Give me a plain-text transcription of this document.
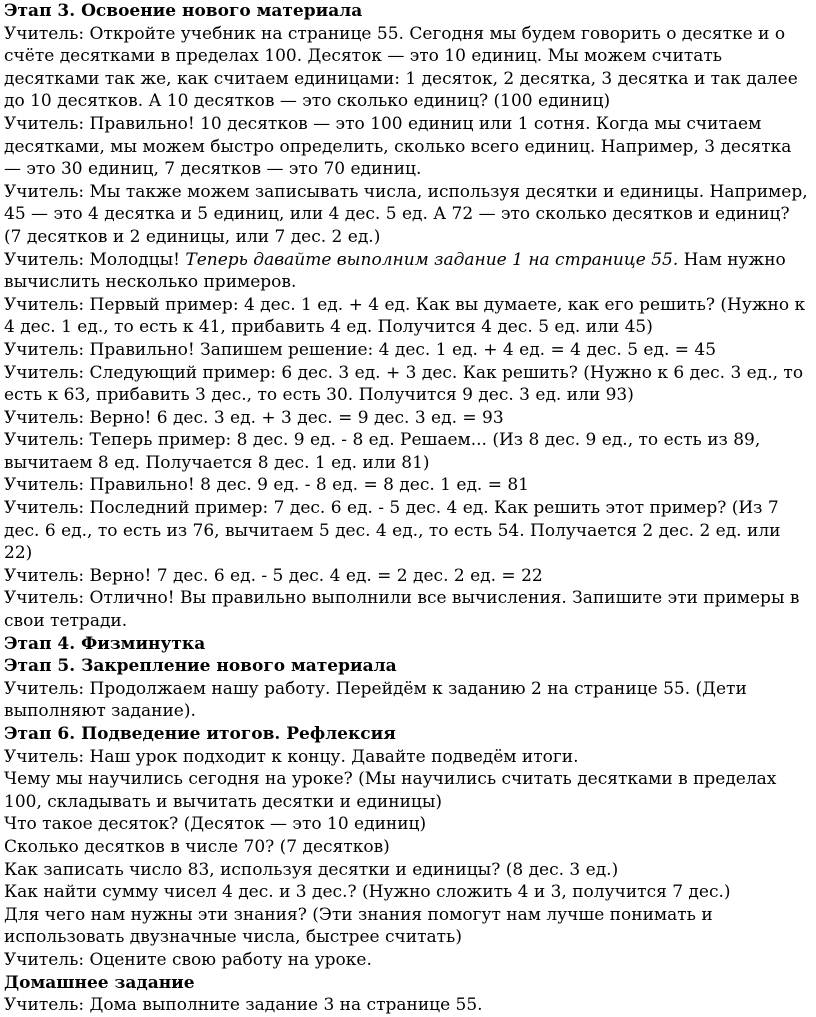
Этап 3. Освоение нового материала

Учитель: Откройте учебник на странице 55. Сегодня мы будем говорить о десятке и о счёте десятками в пределах 100. Десяток — это 10 единиц. Мы можем считать десятками так же, как считаем единицами: 1 десяток, 2 десятка, 3 десятка и так далее до 10 десятков. А 10 десятков — это сколько единиц? (100 единиц)

Учитель: Правильно! 10 десятков — это 100 единиц или 1 сотня. Когда мы считаем десятками, мы можем быстро определить, сколько всего единиц. Например, 3 десятка — это 30 единиц, 7 десятков — это 70 единиц.

Учитель: Мы также можем записывать числа, используя десятки и единицы. Например, 45 — это 4 десятка и 5 единиц, или 4 дес. 5 ед. А 72 — это сколько десятков и единиц? (7 десятков и 2 единицы, или 7 дес. 2 ед.)

Учитель: Молодцы! Теперь давайте выполним задание 1 на странице 55. Нам нужно вычислить несколько примеров.

Учитель: Первый пример: 4 дес. 1 ед. + 4 ед. Как вы думаете, как его решить? (Нужно к 4 дес. 1 ед., то есть к 41, прибавить 4 ед. Получится 4 дес. 5 ед. или 45)

Учитель: Правильно! Запишем решение: 4 дес. 1 ед. + 4 ед. = 4 дес. 5 ед. = 45

Учитель: Следующий пример: 6 дес. 3 ед. + 3 дес. Как решить? (Нужно к 6 дес. 3 ед., то есть к 63, прибавить 3 дес., то есть 30. Получится 9 дес. 3 ед. или 93)

Учитель: Верно! 6 дес. 3 ед. + 3 дес. = 9 дес. 3 ед. = 93

Учитель: Теперь пример: 8 дес. 9 ед. - 8 ед. Решаем... (Из 8 дес. 9 ед., то есть из 89, вычитаем 8 ед. Получается 8 дес. 1 ед. или 81)

Учитель: Правильно! 8 дес. 9 ед. - 8 ед. = 8 дес. 1 ед. = 81

Учитель: Последний пример: 7 дес. 6 ед. - 5 дес. 4 ед. Как решить этот пример? (Из 7 дес. 6 ед., то есть из 76, вычитаем 5 дес. 4 ед., то есть 54. Получается 2 дес. 2 ед. или 22)

Учитель: Верно! 7 дес. 6 ед. - 5 дес. 4 ед. = 2 дес. 2 ед. = 22

Учитель: Отлично! Вы правильно выполнили все вычисления. Запишите эти примеры в свои тетради.

Этап 4. Физминутка
Этап 5. Закрепление нового материала

Учитель: Продолжаем нашу работу. Перейдём к заданию 2 на странице 55. (Дети выполняют задание).

Этап 6. Подведение итогов. Рефлексия

Учитель: Наш урок подходит к концу. Давайте подведём итоги.

Чему мы научились сегодня на уроке? (Мы научились считать десятками в пределах 100, складывать и вычитать десятки и единицы)

Что такое десяток? (Десяток — это 10 единиц)

Сколько десятков в числе 70? (7 десятков)

Как записать число 83, используя десятки и единицы? (8 дес. 3 ед.)

Как найти сумму чисел 4 дес. и 3 дес.? (Нужно сложить 4 и 3, получится 7 дес.)

Для чего нам нужны эти знания? (Эти знания помогут нам лучше понимать и использовать двузначные числа, быстрее считать)

Учитель: Оцените свою работу на уроке.

Домашнее задание

Учитель: Дома выполните задание 3 на странице 55.
